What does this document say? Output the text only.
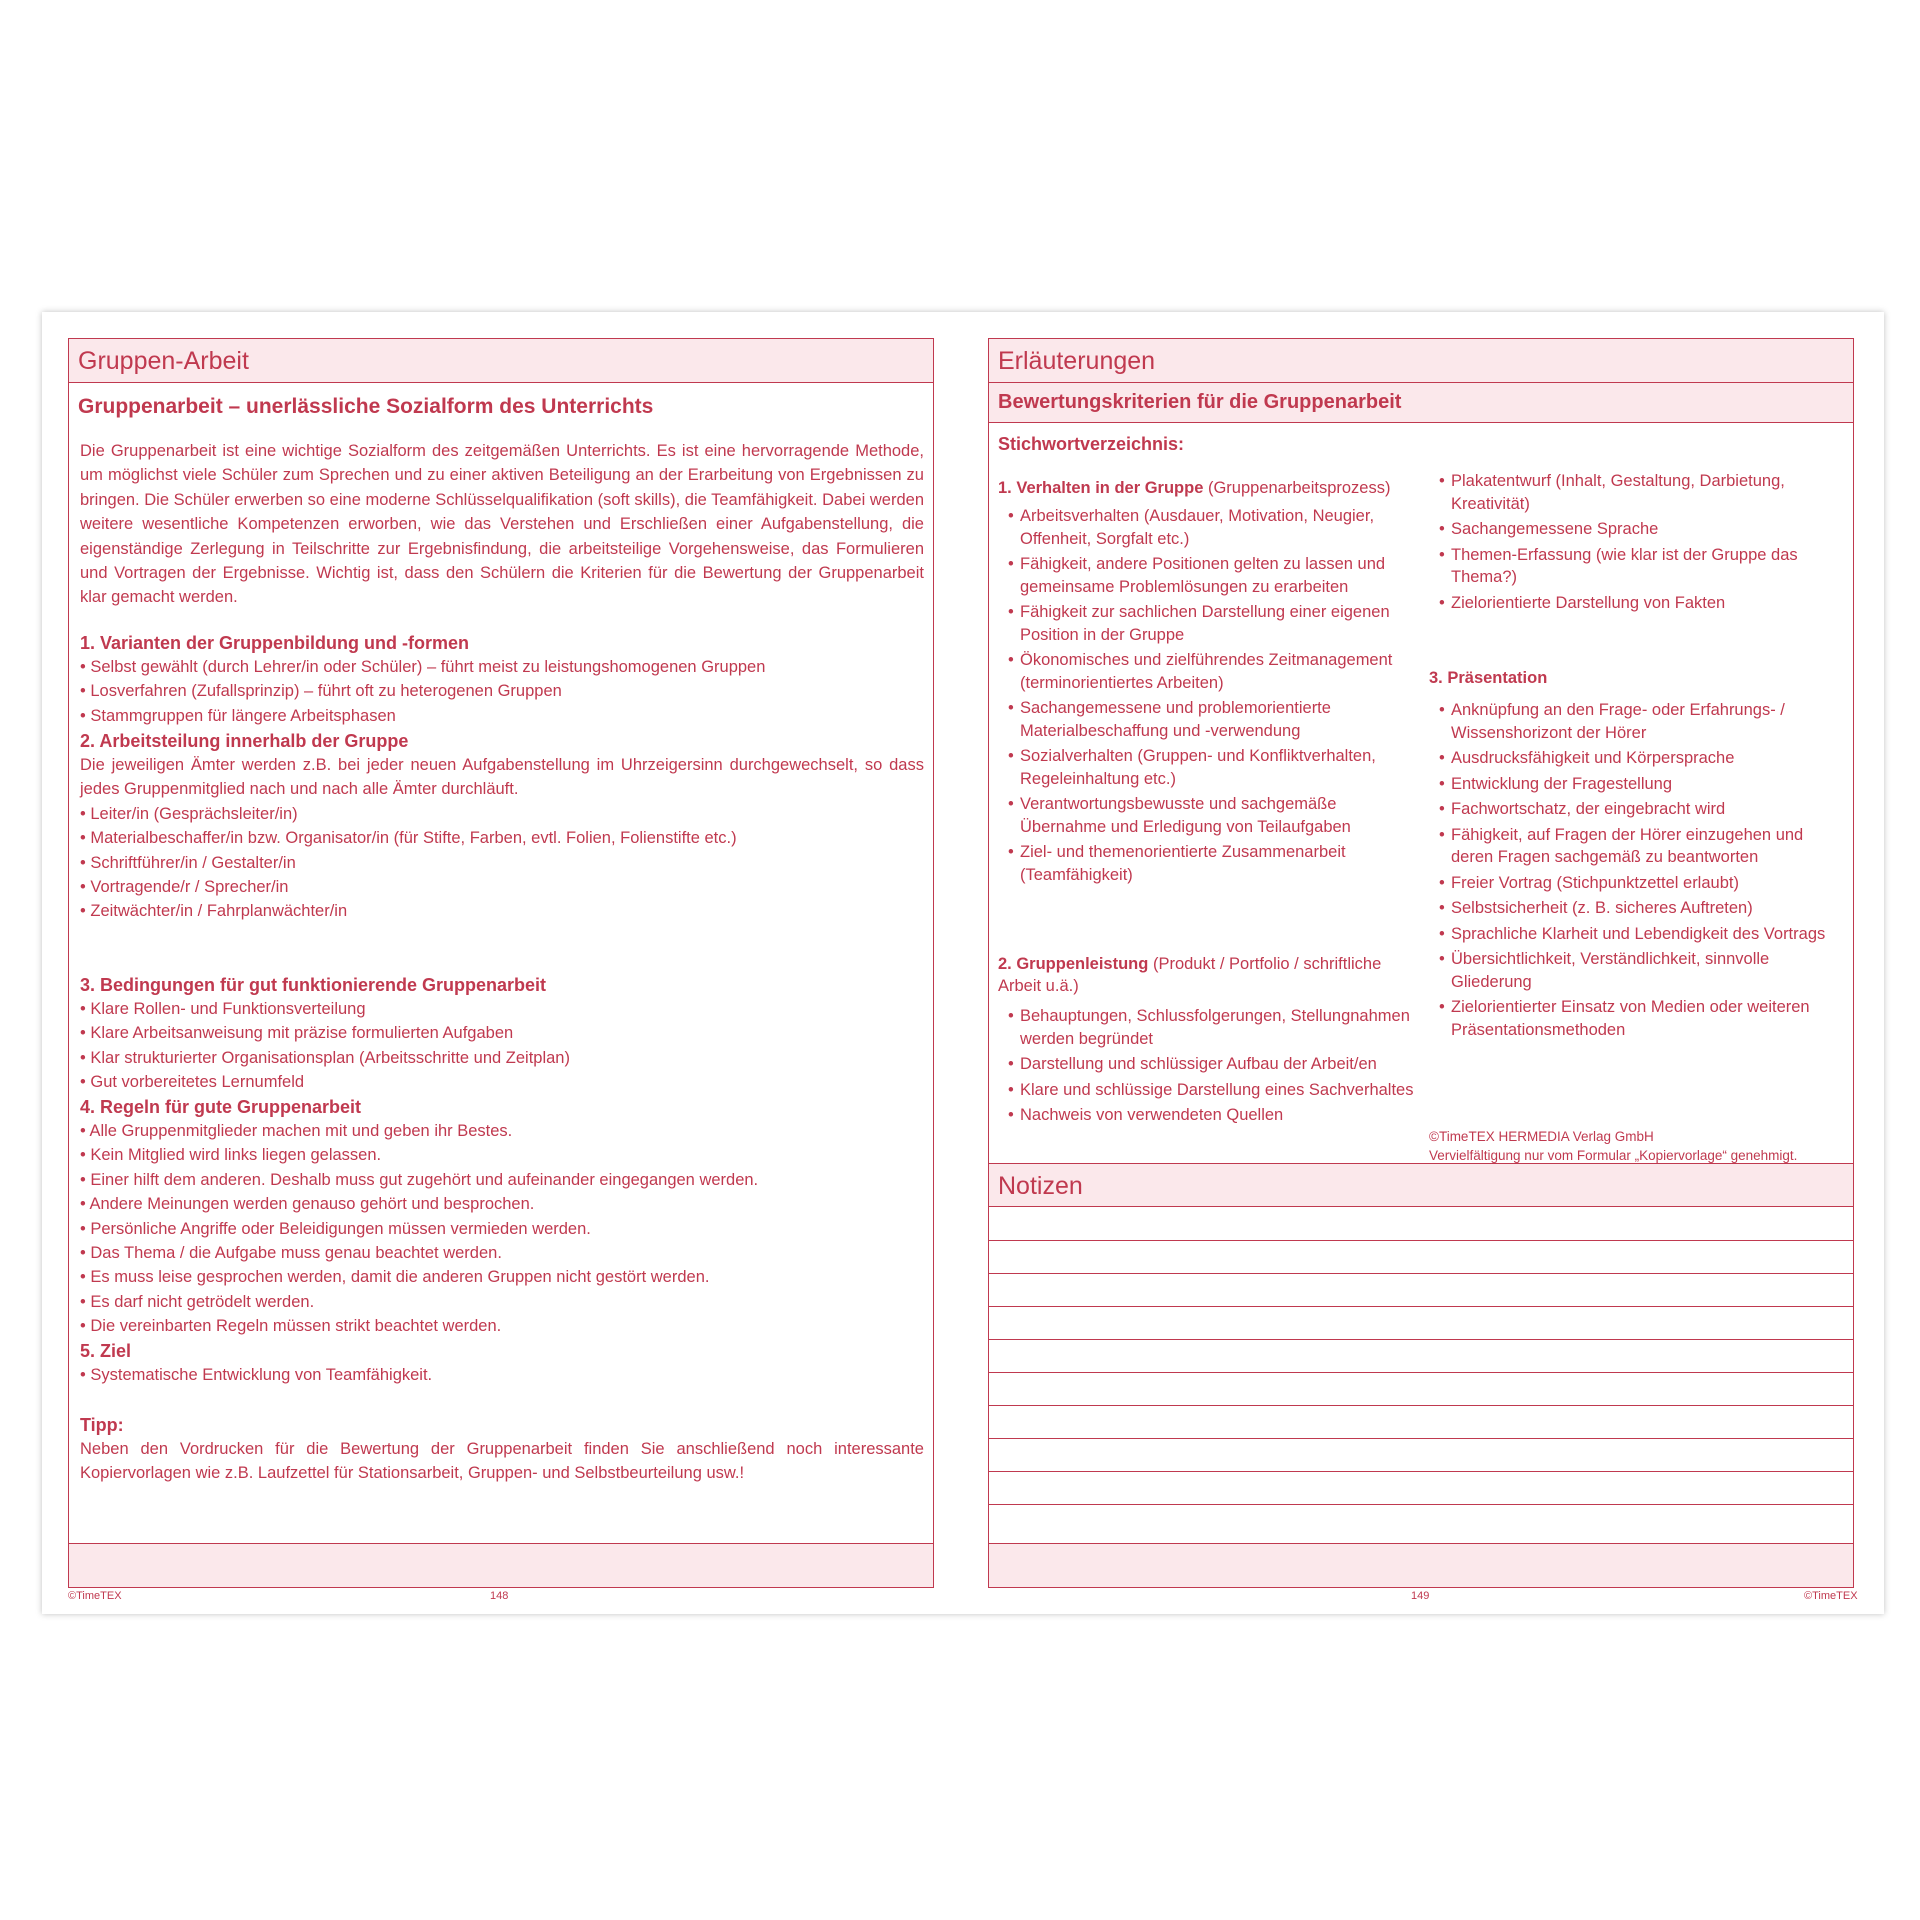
Gruppen-Arbeit
Gruppenarbeit – unerlässliche Sozialform des Unterrichts
Die Gruppenarbeit ist eine wichtige Sozialform des zeitgemäßen Unterrichts. Es ist eine hervorragende Methode, um möglichst viele Schüler zum Sprechen und zu einer aktiven Beteiligung an der Erarbeitung von Ergebnissen zu bringen. Die Schüler erwerben so eine moderne Schlüsselqualifikation (soft skills), die Teamfähigkeit. Dabei werden weitere wesentliche Kompetenzen erworben, wie das Verstehen und Erschließen einer Aufgabenstellung, die eigenständige Zerlegung in Teilschritte zur Ergebnisfindung, die arbeitsteilige Vorgehensweise, das Formulieren und Vortragen der Ergebnisse. Wichtig ist, dass den Schülern die Kriterien für die Bewertung der Gruppenarbeit klar gemacht werden.
1. Varianten der Gruppenbildung und -formen
• Selbst gewählt (durch Lehrer/in oder Schüler) – führt meist zu leistungshomogenen Gruppen
• Losverfahren (Zufallsprinzip) – führt oft zu heterogenen Gruppen
• Stammgruppen für längere Arbeitsphasen
2. Arbeitsteilung innerhalb der Gruppe
Die jeweiligen Ämter werden z.B. bei jeder neuen Aufgabenstellung im Uhrzeigersinn durchgewechselt, so dass jedes Gruppenmitglied nach und nach alle Ämter durchläuft.
• Leiter/in (Gesprächsleiter/in)
• Materialbeschaffer/in bzw. Organisator/in (für Stifte, Farben, evtl. Folien, Folienstifte etc.)
• Schriftführer/in / Gestalter/in
• Vortragende/r / Sprecher/in
• Zeitwächter/in / Fahrplanwächter/in
3. Bedingungen für gut funktionierende Gruppenarbeit
• Klare Rollen- und Funktionsverteilung
• Klare Arbeitsanweisung mit präzise formulierten Aufgaben
• Klar strukturierter Organisationsplan (Arbeitsschritte und Zeitplan)
• Gut vorbereitetes Lernumfeld
4. Regeln für gute Gruppenarbeit
• Alle Gruppenmitglieder machen mit und geben ihr Bestes.
• Kein Mitglied wird links liegen gelassen.
• Einer hilft dem anderen. Deshalb muss gut zugehört und aufeinander eingegangen werden.
• Andere Meinungen werden genauso gehört und besprochen.
• Persönliche Angriffe oder Beleidigungen müssen vermieden werden.
• Das Thema / die Aufgabe muss genau beachtet werden.
• Es muss leise gesprochen werden, damit die anderen Gruppen nicht gestört werden.
• Es darf nicht getrödelt werden.
• Die vereinbarten Regeln müssen strikt beachtet werden.
5. Ziel
• Systematische Entwicklung von Teamfähigkeit.
Tipp:
Neben den Vordrucken für die Bewertung der Gruppenarbeit finden Sie anschließend noch interessante Kopiervorlagen wie z.B. Laufzettel für Stationsarbeit, Gruppen- und Selbstbeurteilung usw.!
Erläuterungen
Bewertungskriterien für die Gruppenarbeit
Stichwortverzeichnis:
1. Verhalten in der Gruppe (Gruppenarbeitsprozess)
• Arbeitsverhalten (Ausdauer, Motivation, Neugier, Offenheit, Sorgfalt etc.)
• Fähigkeit, andere Positionen gelten zu lassen und gemeinsame Problemlösungen zu erarbeiten
• Fähigkeit zur sachlichen Darstellung einer eigenen Position in der Gruppe
• Ökonomisches und zielführendes Zeitmanagement (terminorientiertes Arbeiten)
• Sachangemessene und problemorientierte Materialbeschaffung und -verwendung
• Sozialverhalten (Gruppen- und Konfliktverhalten, Regeleinhaltung etc.)
• Verantwortungsbewusste und sachgemäße Übernahme und Erledigung von Teilaufgaben
• Ziel- und themenorientierte Zusammenarbeit (Teamfähigkeit)
2. Gruppenleistung (Produkt / Portfolio / schriftliche Arbeit u.ä.)
• Behauptungen, Schlussfolgerungen, Stellungnahmen werden begründet
• Darstellung und schlüssiger Aufbau der Arbeit/en
• Klare und schlüssige Darstellung eines Sachverhaltes
• Nachweis von verwendeten Quellen
• Plakatentwurf (Inhalt, Gestaltung, Darbietung, Kreativität)
• Sachangemessene Sprache
• Themen-Erfassung (wie klar ist der Gruppe das Thema?)
• Zielorientierte Darstellung von Fakten
3. Präsentation
• Anknüpfung an den Frage- oder Erfahrungs- / Wissenshorizont der Hörer
• Ausdrucksfähigkeit und Körpersprache
• Entwicklung der Fragestellung
• Fachwortschatz, der eingebracht wird
• Fähigkeit, auf Fragen der Hörer einzugehen und deren Fragen sachgemäß zu beantworten
• Freier Vortrag (Stichpunktzettel erlaubt)
• Selbstsicherheit (z. B. sicheres Auftreten)
• Sprachliche Klarheit und Lebendigkeit des Vortrags
• Übersichtlichkeit, Verständlichkeit, sinnvolle Gliederung
• Zielorientierter Einsatz von Medien oder weiteren Präsentationsmethoden
©TimeTEX HERMEDIA Verlag GmbH
Vervielfältigung nur vom Formular „Kopiervorlage“ genehmigt.
Notizen
©TimeTEX	148	149	©TimeTEX
